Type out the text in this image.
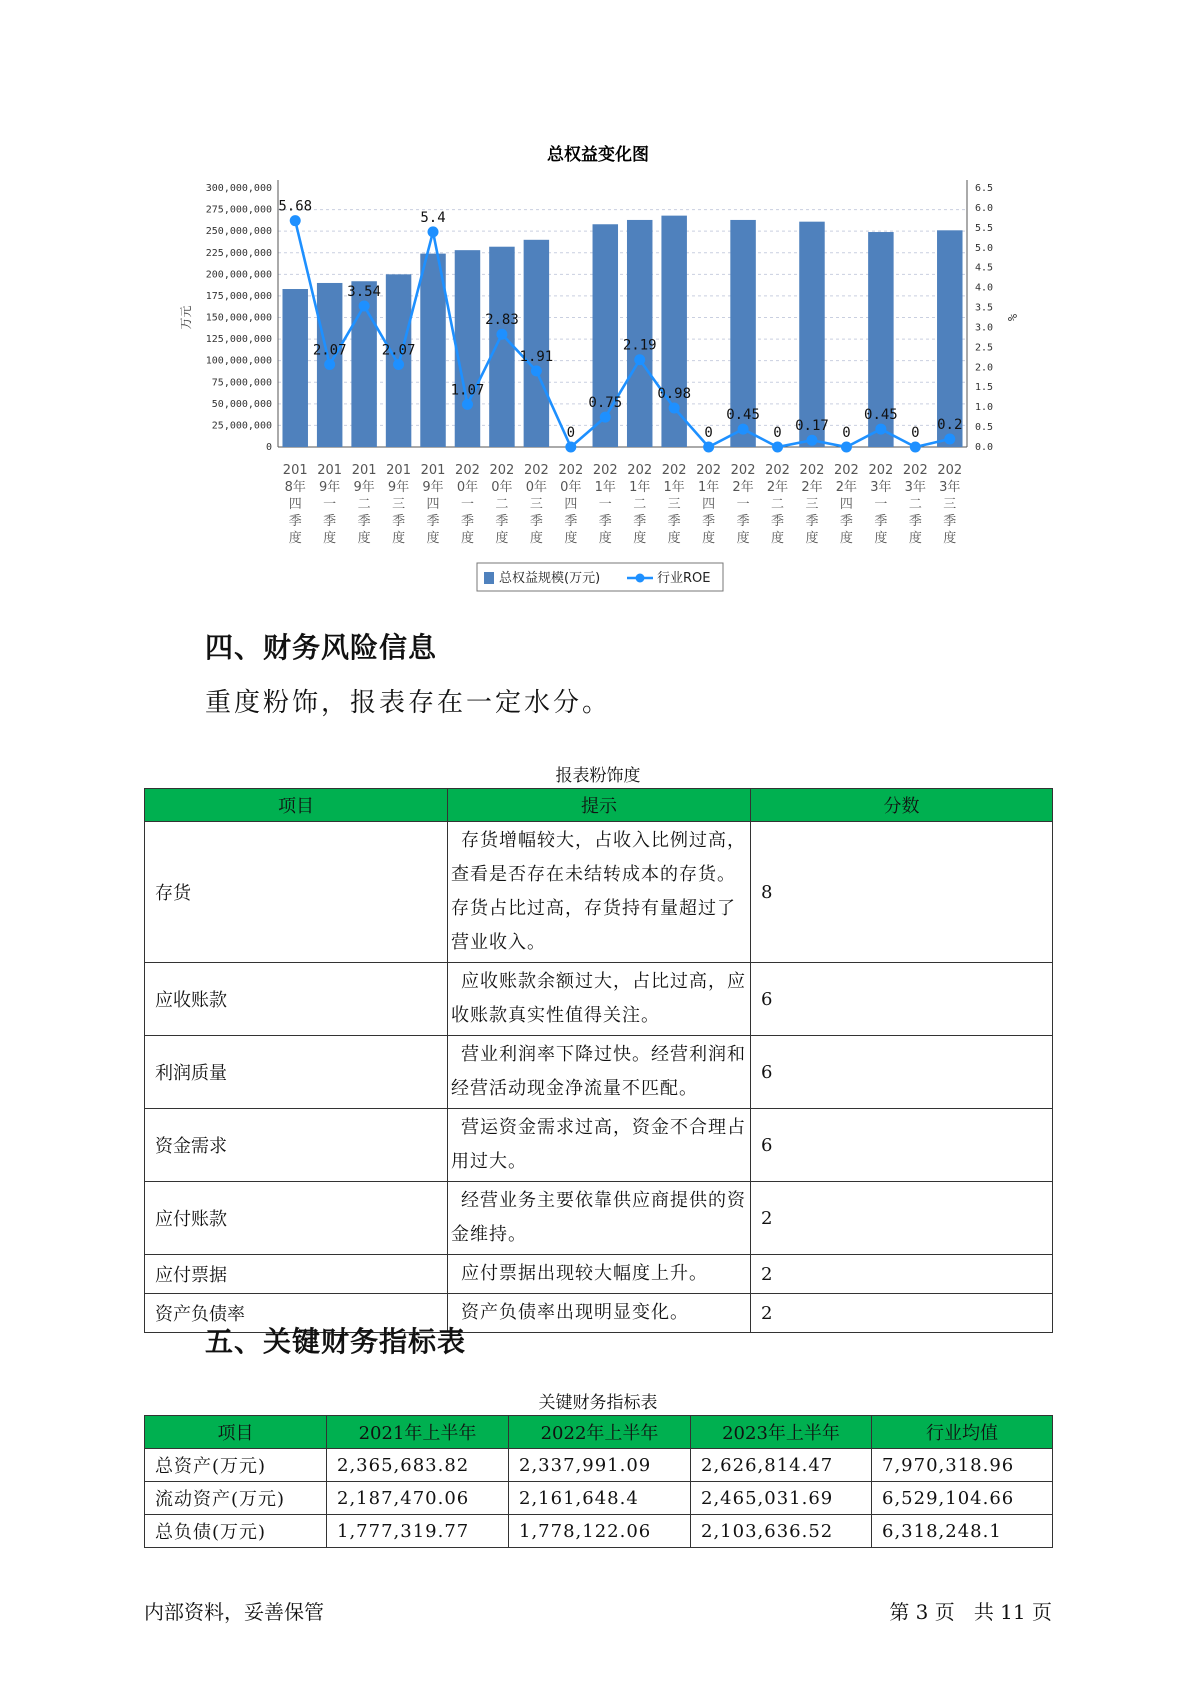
总权益变化图
300,000,000
275,000,000
250,000,000
225,000,000
200,000,000
175,000,000
150,000,000
125,000,000
100,000,000
75,000,000
50,000,000
25,000,000
0
6.5
6.0
5.5
5.0
4.5
4.0
3.5
3.0
2.5
2.0
1.5
1.0
0.5
0.0
万元	%
201 8年四季度
201 9年一季度
201 9年二季度
201 9年三季度
201 9年四季度
202 0年一季度
202 0年二季度
202 0年三季度
202 0年四季度
202 1年一季度
202 1年二季度
202 1年三季度
202 1年四季度
202 2年一季度
202 2年二季度
202 2年三季度
202 2年四季度
202 3年一季度
202 3年二季度
202 3年三季度
5.68
2.07
3.54
2.07
5.4
1.07
2.83
1.91
0
0.75
2.19
0.98
0
0.45
0 0.17 0
0.45
0 0.2
总权益规模(万元)	行业ROE
四、财务风险信息
重度粉饰，报表存在一定水分。
报表粉饰度
项目	提示	分数
存货	存货增幅较大，占收入比例过高，查看是否存在未结转成本的存货。存货占比过高，存货持有量超过了营业收入。	8
应收账款	应收账款余额过大，占比过高，应收账款真实性值得关注。	6
利润质量	营业利润率下降过快。经营利润和经营活动现金净流量不匹配。	6
资金需求	营运资金需求过高，资金不合理占用过大。	6
应付账款	经营业务主要依靠供应商提供的资金维持。	2
应付票据	应付票据出现较大幅度上升。	2
资产负债率	资产负债率出现明显变化。	2
五、关键财务指标表
关键财务指标表
项目	2021年上半年	2022年上半年	2023年上半年	行业均值
总资产(万元)	2,365,683.82	2,337,991.09	2,626,814.47	7,970,318.96
流动资产(万元)	2,187,470.06	2,161,648.4	2,465,031.69	6,529,104.66
总负债(万元)	1,777,319.77	1,778,122.06	2,103,636.52	6,318,248.1
内部资料，妥善保管	第 3 页   共 11 页
